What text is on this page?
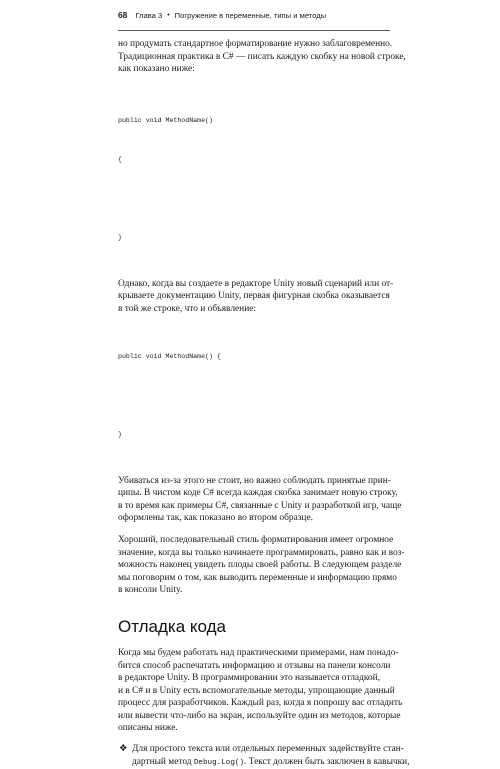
68 Глава 3 • Погружение в переменные, типы и методы

но продумать стандартное форматирование нужно заблаговременно.
Традиционная практика в C# — писать каждую скобку на новой строке,
как показано ниже:

public void MethodName()

{

}

Однако, когда вы создаете в редакторе Unity новый сценарий или от-
крываете документацию Unity, первая фигурная скобка оказывается
в той же строке, что и объявление:

public void MethodName() {

}

Убиваться из-за этого не стоит, но важно соблюдать принятые прин-
ципы. В чистом коде C# всегда каждая скобка занимает новую строку,
в то время как примеры C#, связанные с Unity и разработкой игр, чаще
оформлены так, как показано во втором образце.

Хороший, последовательный стиль форматирования имеет огромное
значение, когда вы только начинаете программировать, равно как и воз-
можность наконец увидеть плоды своей работы. В следующем разделе
мы поговорим о том, как выводить переменные и информацию прямо
в консоли Unity.

Отладка кода

Когда мы будем работать над практическими примерами, нам понадо-
бится способ распечатать информацию и отзывы на панели консоли
в редакторе Unity. В программировании это называется отладкой,
и в C# и в Unity есть вспомогательные методы, упрощающие данный
процесс для разработчиков. Каждый раз, когда я попрошу вас отладить
или вывести что-либо на экран, используйте один из методов, которые
описаны ниже.

❖ Для простого текста или отдельных переменных задействуйте стан-
дартный метод Debug.Log(). Текст должен быть заключен в кавычки,
